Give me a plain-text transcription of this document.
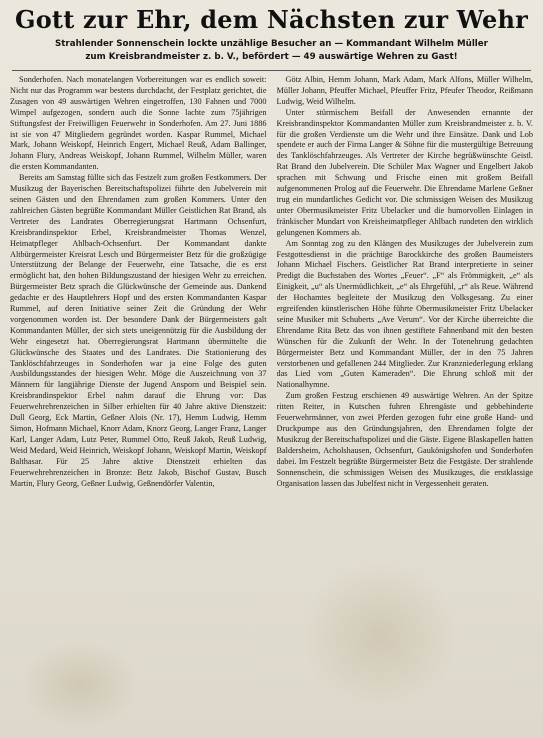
Gott zur Ehr, dem Nächsten zur Wehr
Strahlender Sonnenschein lockte unzählige Besucher an — Kommandant Wilhelm Müller
zum Kreisbrandmeister z. b. V., befördert — 49 auswärtige Wehren zu Gast!

Sonderhofen. Nach monatelangen Vorbereitungen war es endlich soweit: Nicht nur das Programm war bestens durchdacht, der Festplatz gerichtet, die Zusagen von 49 auswärtigen Wehren eingetroffen, 130 Fahnen und 7000 Wimpel aufgezogen, sondern auch die Sonne lachte zum 75jährigen Stiftungsfest der Freiwilligen Feuerwehr in Sonderhofen. Am 27. Juni 1886 ist sie von 47 Mitgliedern gegründet worden. Kaspar Rummel, Michael Mark, Johann Weiskopf, Heinrich Engert, Michael Reuß, Adam Ballinger, Johann Flury, Andreas Weiskopf, Johann Rummel, Wilhelm Müller, waren die ersten Kommandanten.

Bereits am Samstag füllte sich das Festzelt zum großen Festkommers. Der Musikzug der Bayerischen Bereitschaftspolizei führte den Jubelverein mit seinen Gästen und den Ehrendamen zum großen Kommers. Unter den zahlreichen Gästen begrüßte Kommandant Müller Geistlichen Rat Brand, als Vertreter des Landrates Oberregierungsrat Hartmann Ochsenfurt, Kreisbrandinspektor Erbel, Kreisbrandmeister Thomas Wenzel, Heimatpfleger Ahlbach-Ochsenfurt. Der Kommandant dankte Altbürgermeister Kreisrat Lesch und Bürgermeister Betz für die großzügige Unterstützung der Belange der Feuerwehr, eine Tatsache, die es erst ermöglicht hat, den hohen Bildungszustand der hiesigen Wehr zu erreichen. Bürgermeister Betz sprach die Glückwünsche der Gemeinde aus. Dankend gedachte er des Hauptlehrers Hopf und des ersten Kommandanten Kaspar Rummel, auf deren Initiative seiner Zeit die Gründung der Wehr vorgenommen worden ist. Der besondere Dank der Bürgermeisters galt Kommandanten Müller, der sich stets uneigennützig für die Ausbildung der Wehr eingesetzt hat. Oberregierungsrat Hartmann übermittelte die Glückwünsche des Staates und des Landrates. Die Stationierung des Tanklöschfahrzeuges in Sonderhofen war ja eine Folge des guten Ausbildungsstandes der hiesigen Wehr. Möge die Auszeichnung von 37 Männern für langjährige Dienste der Jugend Ansporn und Beispiel sein. Kreisbrandinspektor Erbel nahm darauf die Ehrung vor: Das Feuerwehrehrenzeichen in Silber erhielten für 40 Jahre aktive Dienstzeit: Dull Georg, Eck Martin, Geßner Alois (Nr. 17), Hemm Ludwig, Hemm Simon, Hofmann Michael, Knorr Adam, Knorz Georg, Langer Franz, Langer Karl, Langer Adam, Lutz Peter, Rummel Otto, Reuß Jakob, Reuß Ludwig, Weid Medard, Weid Heinrich, Weiskopf Johann, Weiskopf Martin, Weiskopf Balthasar. Für 25 Jahre aktive Dienstzeit erhielten das Feuerwehrehrenzeichen in Bronze: Betz Jakob, Bischof Gustav, Busch Martin, Flury Georg, Geßner Ludwig, Geßnendörfer Valentin,

Götz Albin, Hemm Johann, Mark Adam, Mark Alfons, Müller Wilhelm, Müller Johann, Pfeuffer Michael, Pfeuffer Fritz, Pfeufer Theodor, Reißmann Ludwig, Weid Wilhelm.

Unter stürmischem Beifall der Anwesenden ernannte der Kreisbrandinspektor Kommandanten Müller zum Kreisbrandmeister z. b. V. für die großen Verdienste um die Wehr und ihre Einsätze. Dank und Lob spendete er auch der Firma Langer & Söhne für die mustergültige Betreuung des Tanklöschfahrzeuges. Als Vertreter der Kirche begrüßwünschte Geistl. Rat Brand den Jubelverein. Die Schüler Max Wagner und Engelbert Jakob sprachen mit Schwung und Frische einen mit großem Beifall aufgenommenen Prolog auf die Feuerwehr. Die Ehrendame Marlene Geßner trug ein mundartliches Gedicht vor. Die schmissigen Weisen des Musikzug unter Obermusikmeister Fritz Ubelacker und die humorvollen Einlagen in fränkischer Mundart von Kreisheimatpfleger Ahlbach rundeten den wirklich gelungenen Kommers ab.

Am Sonntag zog zu den Klängen des Musikzuges der Jubelverein zum Festgottesdienst in die prächtige Barockkirche des großen Baumeisters Johann Michael Fischers. Geistlicher Rat Brand interpretierte in seiner Predigt die Buchstaben des Wortes „Feuer“. „F“ als Frömmigkeit, „e“ als Einigkeit, „u“ als Unermüdlichkeit, „e“ als Ehrgefühl, „r“ als Reue. Während der Hochamtes begleitete der Musikzug den Volksgesang. Zu einer ergreifenden künstlerischen Höhe führte Obermusikmeister Fritz Ubelacker seine Musiker mit Schuberts „Ave Verum“. Vor der Kirche überreichte die Ehrendame Rita Betz das von ihnen gestiftete Fahnenband mit den besten Wünschen für die Zukunft der Wehr. In der Totenehrung gedachten Bürgermeister Betz und Kommandant Müller, der in den 75 Jahren verstorbenen und gefallenen 244 Mitglieder. Zur Kranzniederlegung erklang das Lied vom „Guten Kameraden“. Die Ehrung schloß mit der Nationalhymne.

Zum großen Festzug erschienen 49 auswärtige Wehren. An der Spitze ritten Reiter, in Kutschen fuhren Ehrengäste und gebbehinderte Feuerwehrmänner, von zwei Pferden gezogen fuhr eine große Hand- und Druckpumpe aus den Gründungsjahren, den Ehrendamen folgte der Musikzug der Bereitschaftspolizei und die Gäste. Eigene Blaskapellen hatten Baldersheim, Acholshausen, Ochsenfurt, Gaukönigshofen und Sonderhofen dabei. Im Festzelt begrüßte Bürgermeister Betz die Festgäste. Der strahlende Sonnenschein, die schmissigen Weisen des Musikzuges, die erstklassige Organisation lassen das Jubelfest nicht in Vergessenheit geraten.
